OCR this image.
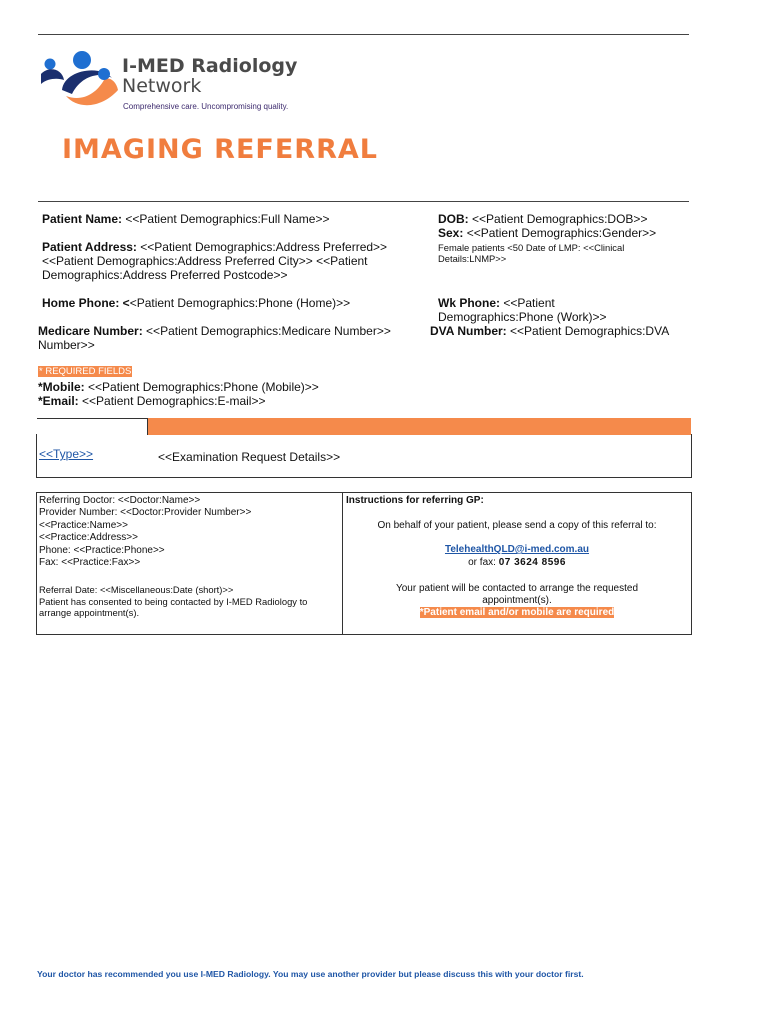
I-MED Radiology
Network
Comprehensive care. Uncompromising quality.
IMAGING REFERRAL
Patient Name: <<Patient Demographics:Full Name>>	DOB: <<Patient Demographics:DOB>>
Sex: <<Patient Demographics:Gender>>
Patient Address: <<Patient Demographics:Address Preferred>>
<<Patient Demographics:Address Preferred City>> <<Patient
Demographics:Address Preferred Postcode>>
Female patients <50 Date of LMP: <<Clinical
Details:LNMP>>
Home Phone: <<Patient Demographics:Phone (Home)>>	Wk Phone: <<Patient
Demographics:Phone (Work)>>
Medicare Number: <<Patient Demographics:Medicare Number>>
Number>>
DVA Number: <<Patient Demographics:DVA
* REQUIRED FIELDS
*Mobile: <<Patient Demographics:Phone (Mobile)>>
*Email: <<Patient Demographics:E-mail>>
<<Type>>	<<Examination Request Details>>
Referring Doctor: <<Doctor:Name>>
Provider Number: <<Doctor:Provider Number>>
<<Practice:Name>>
<<Practice:Address>>
Phone: <<Practice:Phone>>
Fax: <<Practice:Fax>>
Referral Date: <<Miscellaneous:Date (short)>>
Patient has consented to being contacted by I-MED Radiology to
arrange appointment(s).
Instructions for referring GP:
On behalf of your patient, please send a copy of this referral to:
TelehealthQLD@i-med.com.au
or fax: 07 3624 8596
Your patient will be contacted to arrange the requested
appointment(s).
*Patient email and/or mobile are required
Your doctor has recommended you use I-MED Radiology. You may use another provider but please discuss this with your doctor first.
